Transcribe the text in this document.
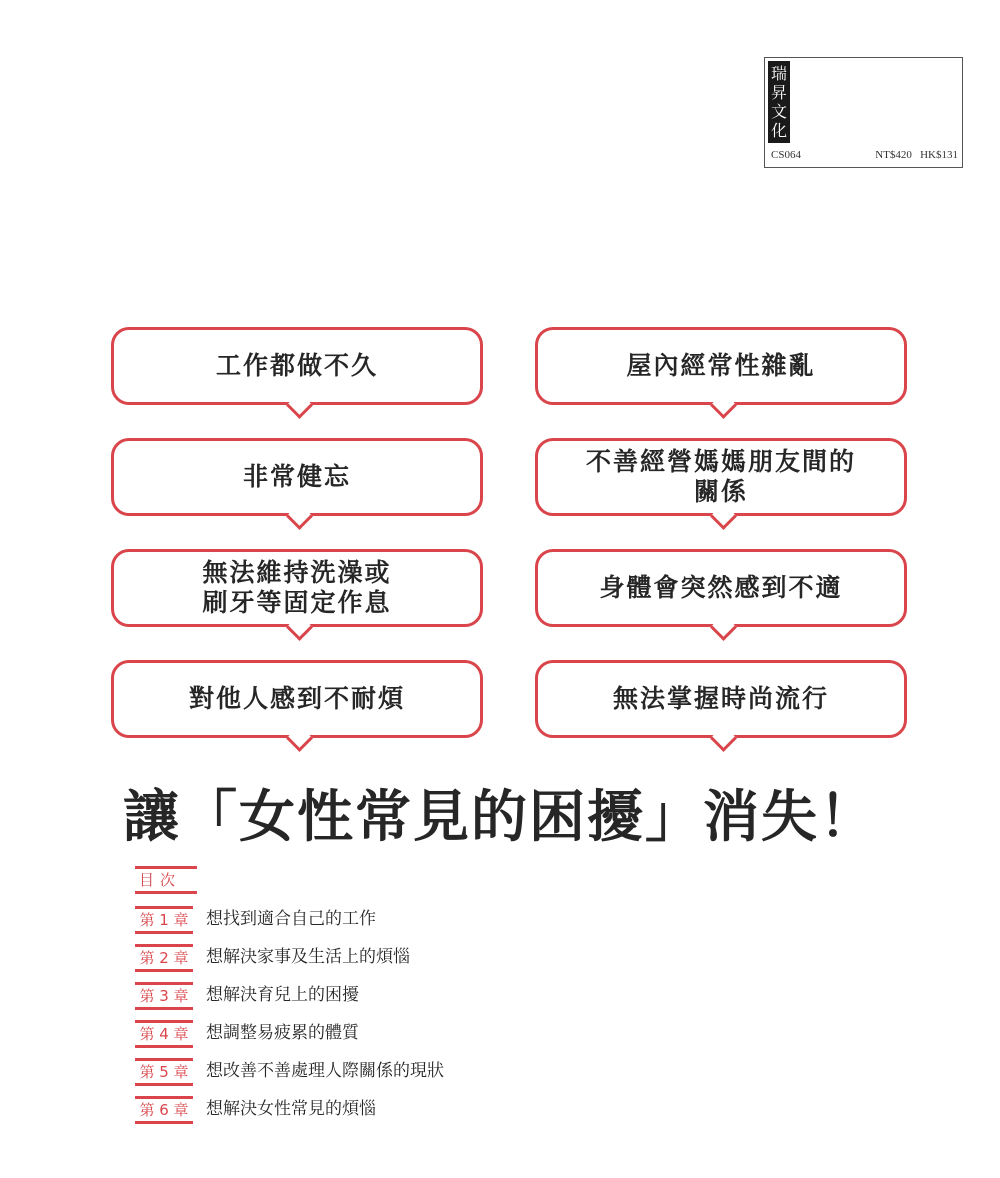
瑞
昇
文
化
CS064	NT$420   HK$131
工作都做不久	屋內經常性雜亂
非常健忘
不善經營媽媽朋友間的
關係
無法維持洗澡或
刷牙等固定作息
身體會突然感到不適
對他人感到不耐煩	無法掌握時尚流行
讓「女性常見的困擾」消失！
目次
第 1 章 想找到適合自己的工作
第 2 章 想解決家事及生活上的煩惱
第 3 章 想解決育兒上的困擾
第 4 章 想調整易疲累的體質
第 5 章 想改善不善處理人際關係的現狀
第 6 章 想解決女性常見的煩惱
